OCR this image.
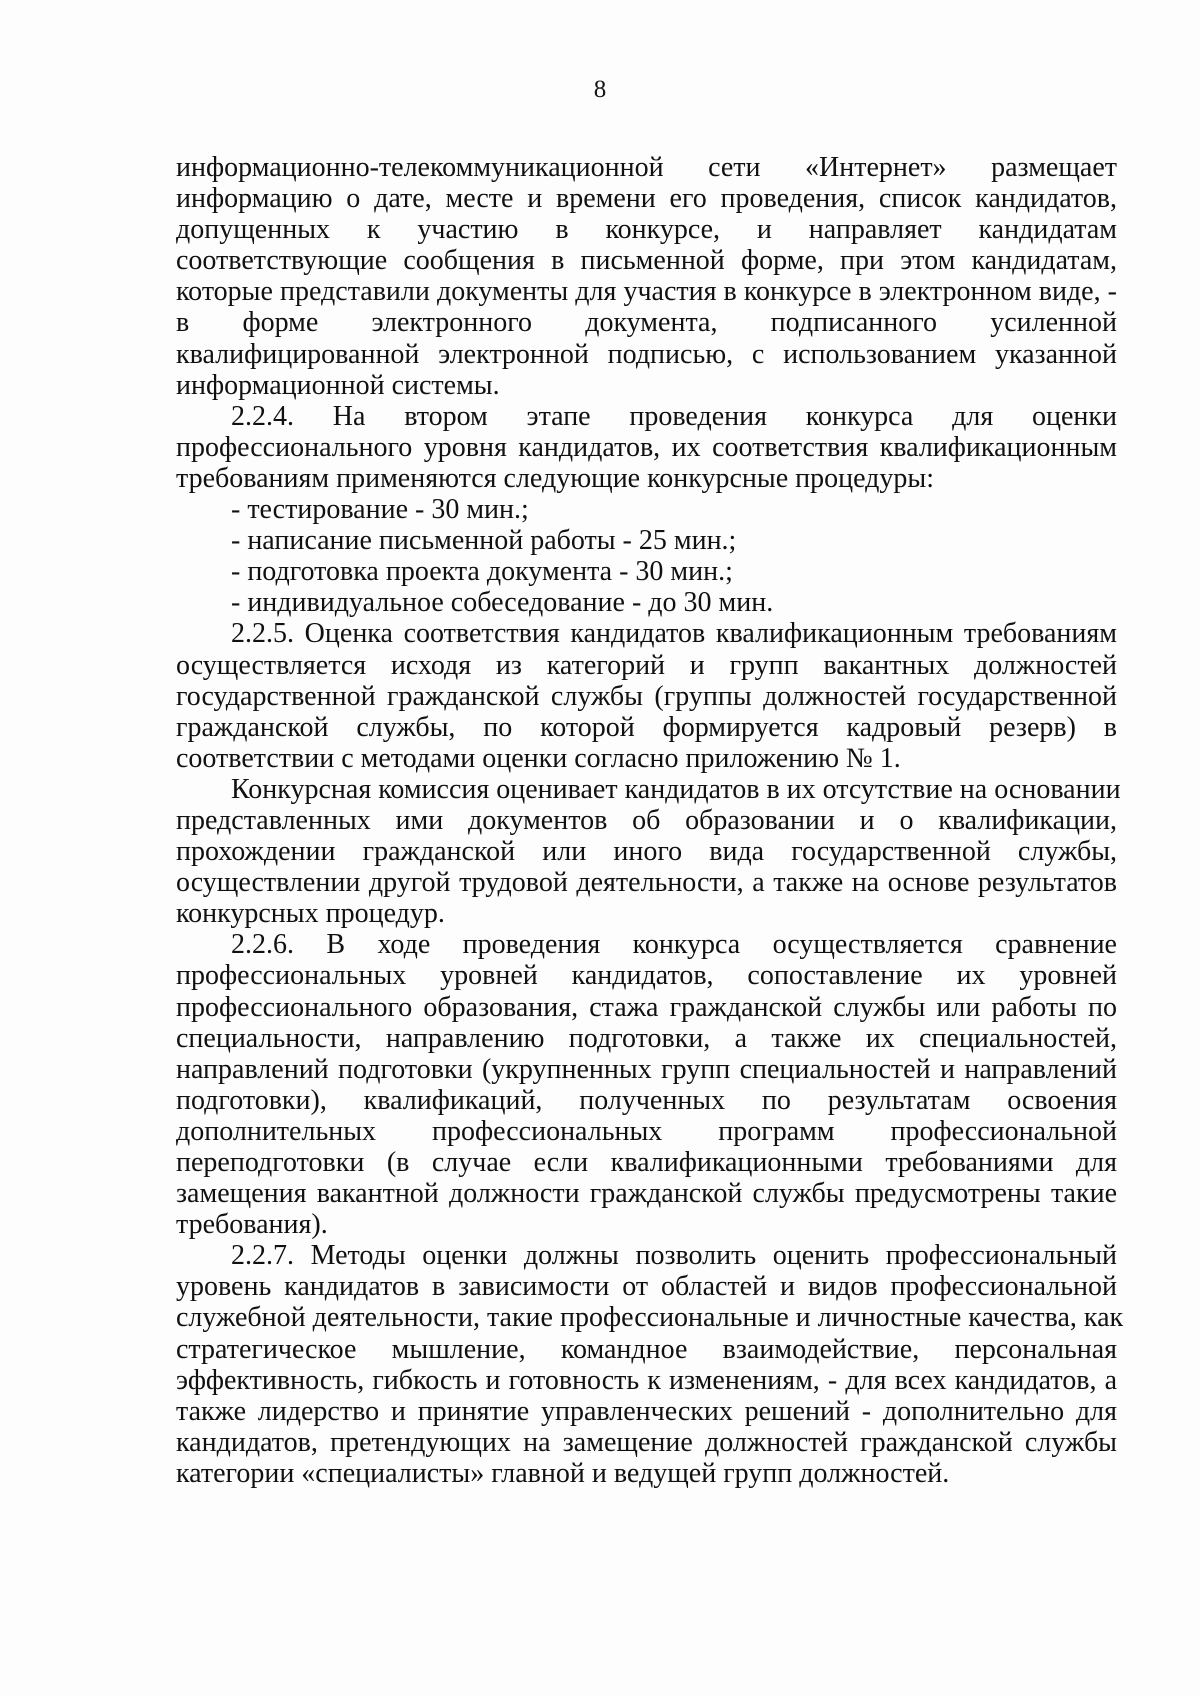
8
информационно-телекоммуникационной сети «Интернет» размещает
информацию о дате, месте и времени его проведения, список кандидатов,
допущенных к участию в конкурсе, и направляет кандидатам
соответствующие сообщения в письменной форме, при этом кандидатам,
которые представили документы для участия в конкурсе в электронном виде, -
в форме электронного документа, подписанного усиленной
квалифицированной электронной подписью, с использованием указанной
информационной системы.
2.2.4. На втором этапе проведения конкурса для оценки
профессионального уровня кандидатов, их соответствия квалификационным
требованиям применяются следующие конкурсные процедуры:
- тестирование - 30 мин.;
- написание письменной работы - 25 мин.;
- подготовка проекта документа - 30 мин.;
- индивидуальное собеседование - до 30 мин.
2.2.5. Оценка соответствия кандидатов квалификационным требованиям
осуществляется исходя из категорий и групп вакантных должностей
государственной гражданской службы (группы должностей государственной
гражданской службы, по которой формируется кадровый резерв) в
соответствии с методами оценки согласно приложению № 1.
Конкурсная комиссия оценивает кандидатов в их отсутствие на основании
представленных ими документов об образовании и о квалификации,
прохождении гражданской или иного вида государственной службы,
осуществлении другой трудовой деятельности, а также на основе результатов
конкурсных процедур.
2.2.6. В ходе проведения конкурса осуществляется сравнение
профессиональных уровней кандидатов, сопоставление их уровней
профессионального образования, стажа гражданской службы или работы по
специальности, направлению подготовки, а также их специальностей,
направлений подготовки (укрупненных групп специальностей и направлений
подготовки), квалификаций, полученных по результатам освоения
дополнительных профессиональных программ профессиональной
переподготовки (в случае если квалификационными требованиями для
замещения вакантной должности гражданской службы предусмотрены такие
требования).
2.2.7. Методы оценки должны позволить оценить профессиональный
уровень кандидатов в зависимости от областей и видов профессиональной
служебной деятельности, такие профессиональные и личностные качества, как
стратегическое мышление, командное взаимодействие, персональная
эффективность, гибкость и готовность к изменениям, - для всех кандидатов, а
также лидерство и принятие управленческих решений - дополнительно для
кандидатов, претендующих на замещение должностей гражданской службы
категории «специалисты» главной и ведущей групп должностей.
